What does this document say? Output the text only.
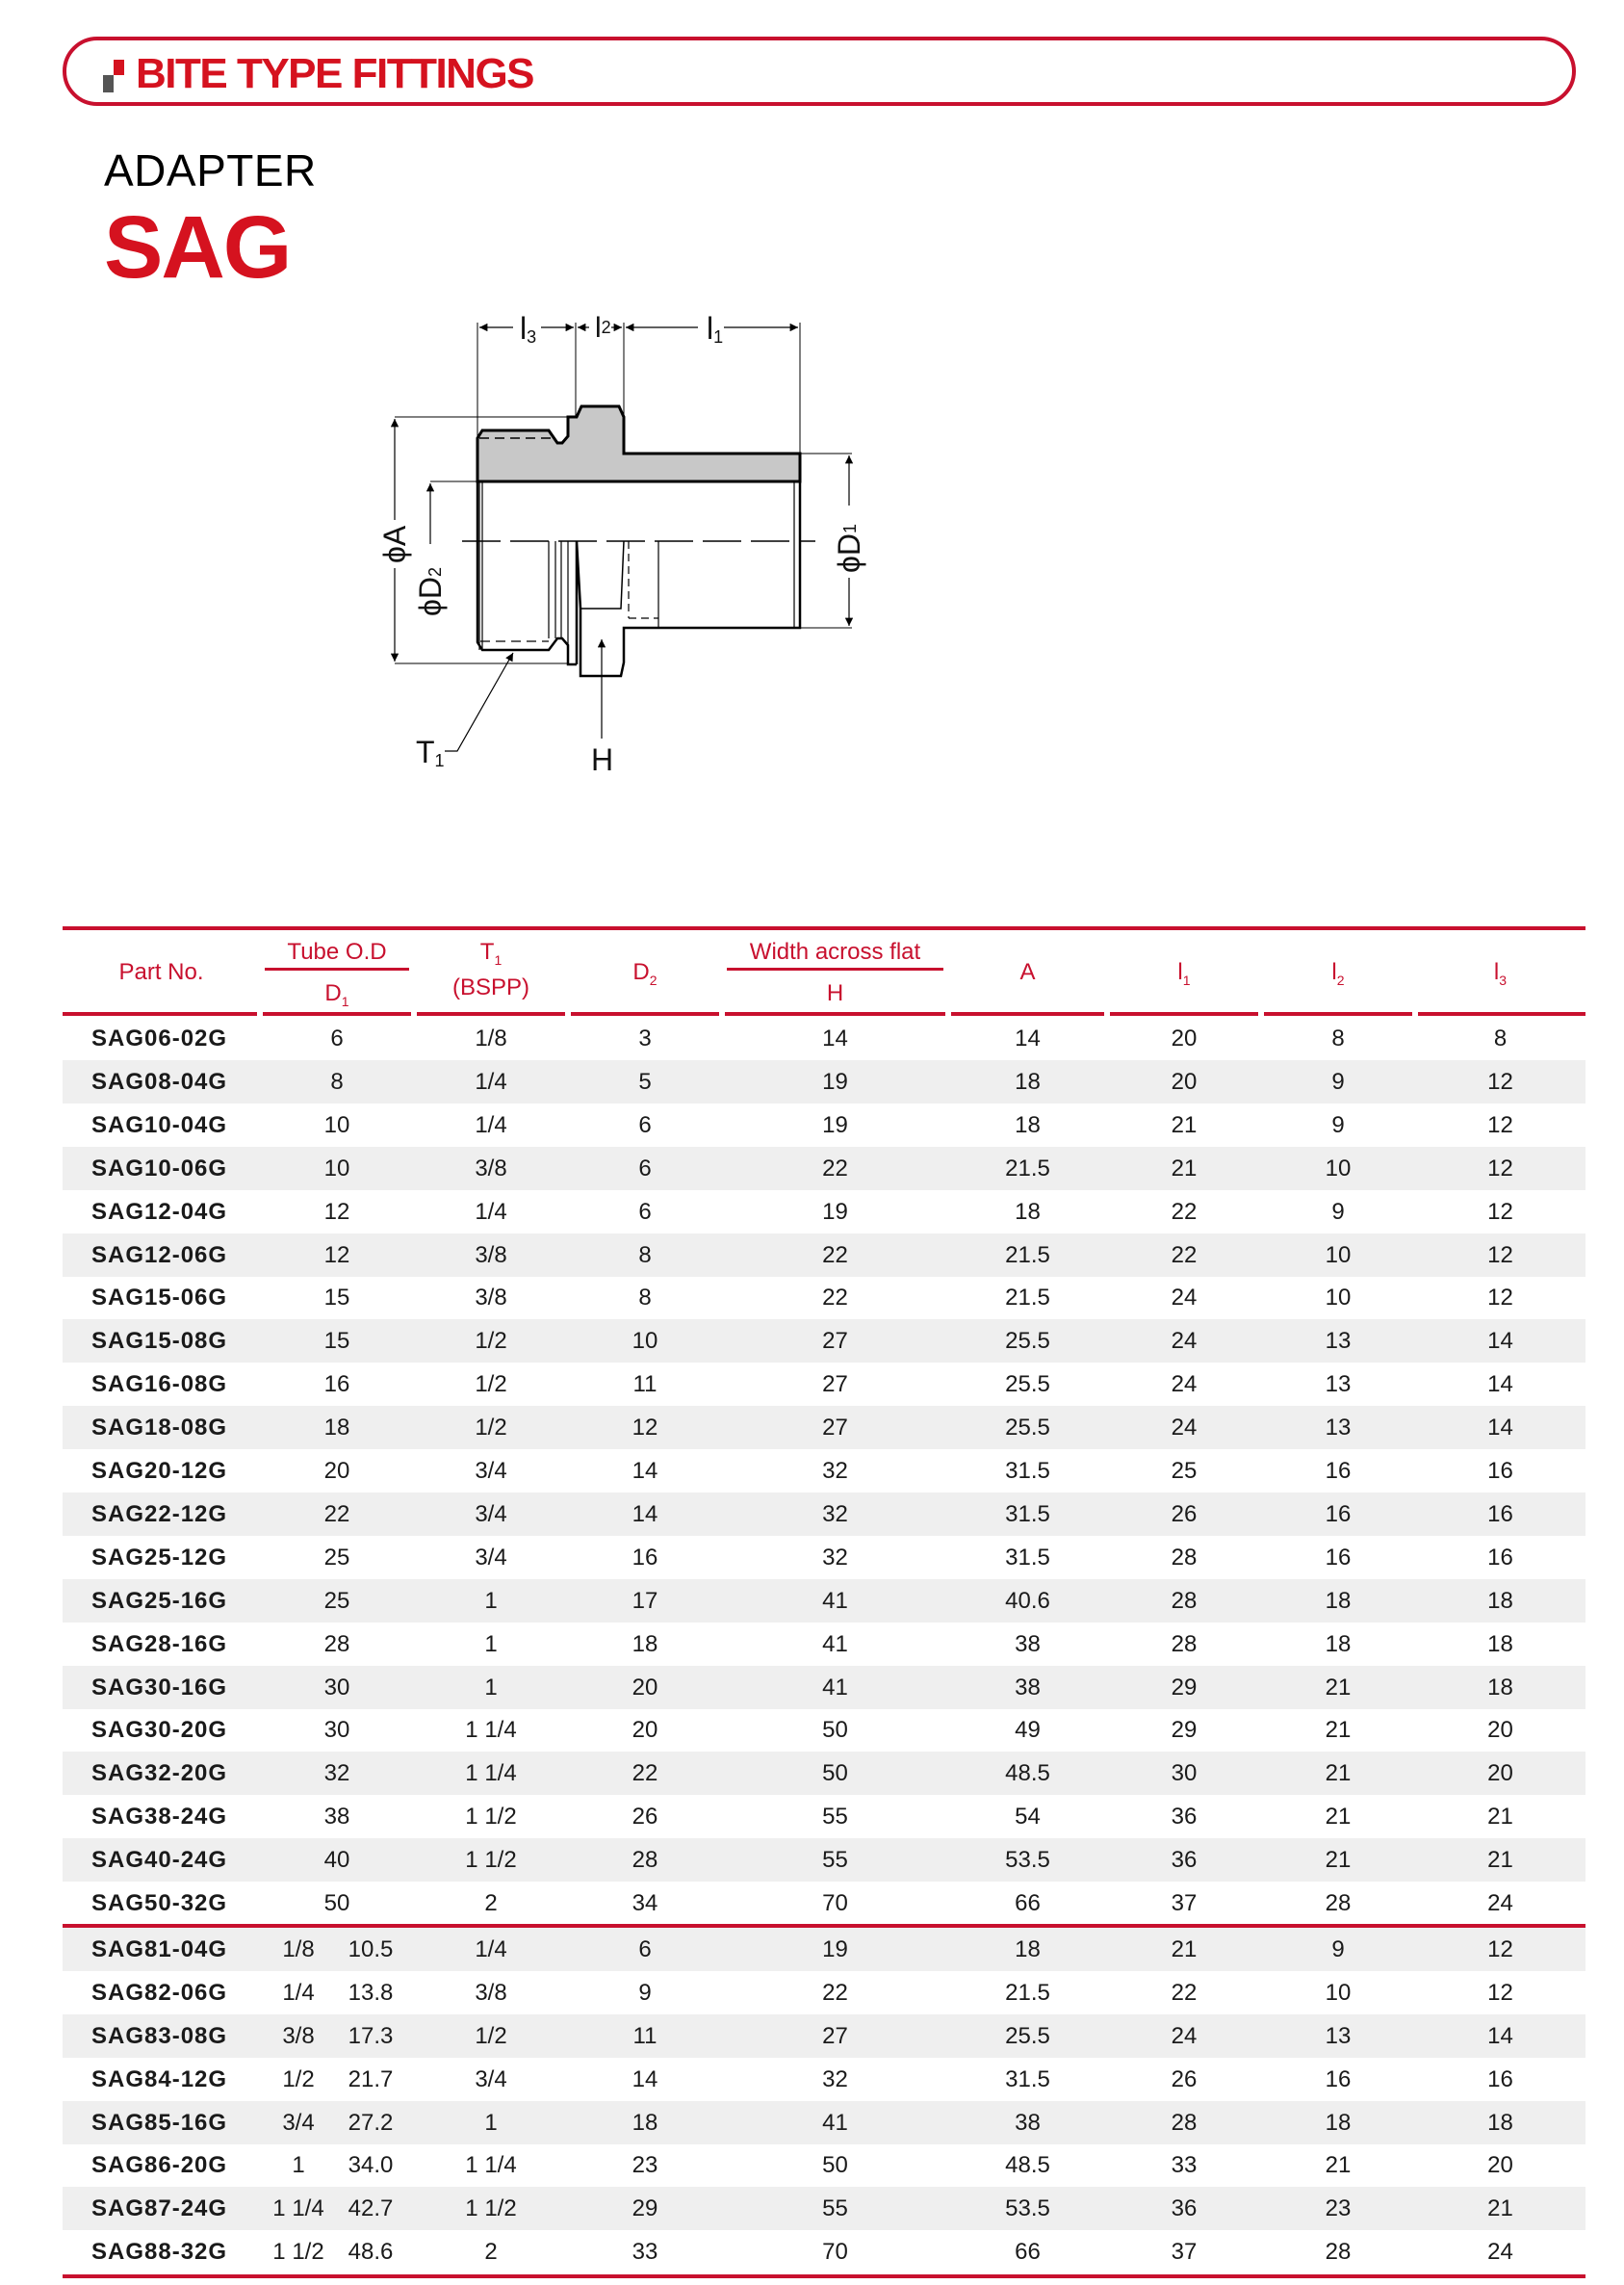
BITE TYPE FITTINGS
ADAPTER
SAG
l3 l2	l1
ϕA
ϕD2	ϕD1
T1	H
Part No.
Tube O.D
$D_1$
$T_1$
(BSPP)
$D_2$
Width across flat
H
A	$l_1$	$l_2$	$l_3$
SAG06-02G	6	1/8	3	14	14	20	8	8
SAG08-04G	8	1/4	5	19	18	20	9	12
SAG10-04G	10	1/4	6	19	18	21	9	12
SAG10-06G	10	3/8	6	22	21.5	21	10	12
SAG12-04G	12	1/4	6	19	18	22	9	12
SAG12-06G	12	3/8	8	22	21.5	22	10	12
SAG15-06G	15	3/8	8	22	21.5	24	10	12
SAG15-08G	15	1/2	10	27	25.5	24	13	14
SAG16-08G	16	1/2	11	27	25.5	24	13	14
SAG18-08G	18	1/2	12	27	25.5	24	13	14
SAG20-12G	20	3/4	14	32	31.5	25	16	16
SAG22-12G	22	3/4	14	32	31.5	26	16	16
SAG25-12G	25	3/4	16	32	31.5	28	16	16
SAG25-16G	25	1	17	41	40.6	28	18	18
SAG28-16G	28	1	18	41	38	28	18	18
SAG30-16G	30	1	20	41	38	29	21	18
SAG30-20G	30	1 1/4	20	50	49	29	21	20
SAG32-20G	32	1 1/4	22	50	48.5	30	21	20
SAG38-24G	38	1 1/2	26	55	54	36	21	21
SAG40-24G	40	1 1/2	28	55	53.5	36	21	21
SAG50-32G	50	2	34	70	66	37	28	24
SAG81-04G	1/8	10.5	1/4	6	19	18	21	9	12
SAG82-06G	1/4	13.8	3/8	9	22	21.5	22	10	12
SAG83-08G	3/8	17.3	1/2	11	27	25.5	24	13	14
SAG84-12G	1/2	21.7	3/4	14	32	31.5	26	16	16
SAG85-16G	3/4	27.2	1	18	41	38	28	18	18
SAG86-20G	1	34.0	1 1/4	23	50	48.5	33	21	20
SAG87-24G	1 1/4	42.7	1 1/2	29	55	53.5	36	23	21
SAG88-32G	1 1/2	48.6	2	33	70	66	37	28	24
